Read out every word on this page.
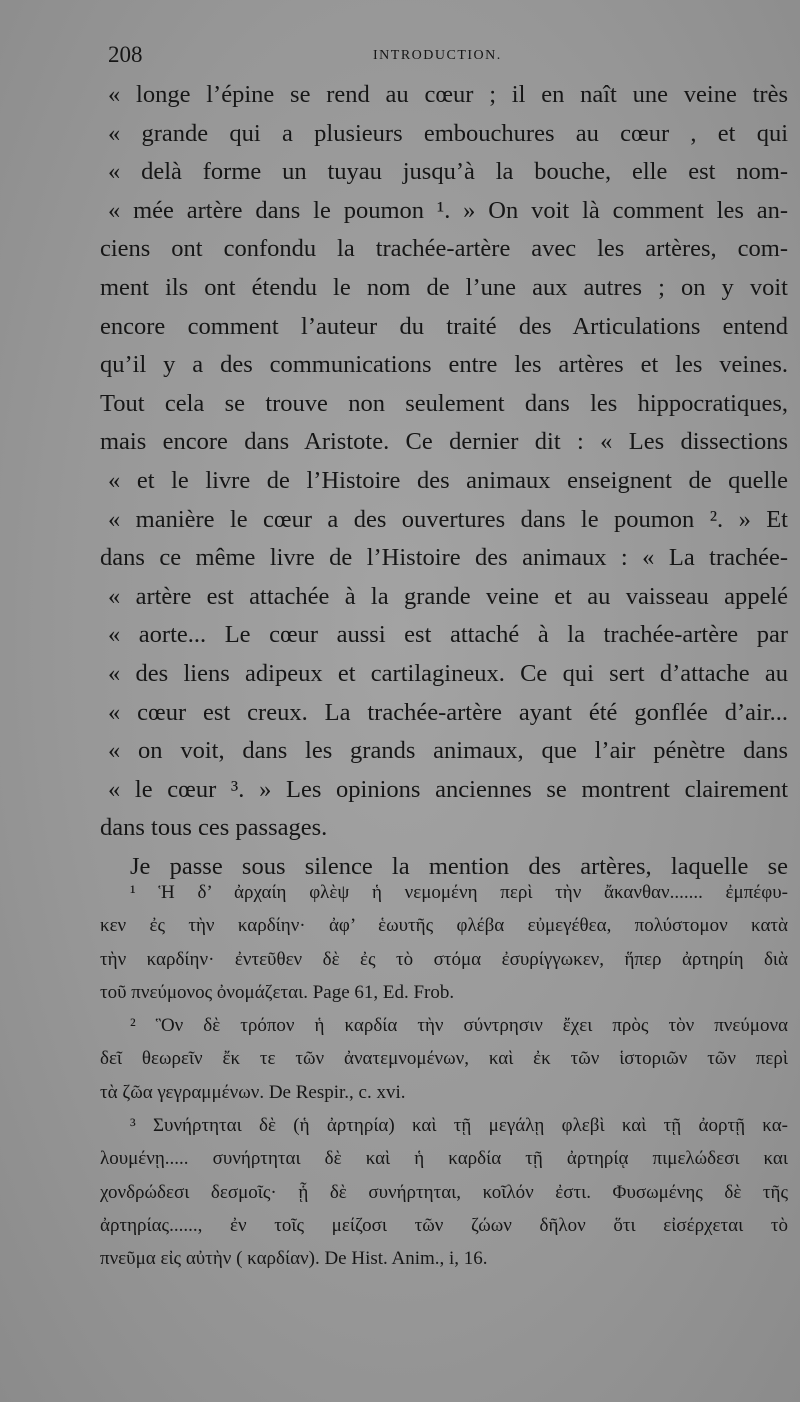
208	INTRODUCTION.
« longe l’épine se rend au cœur ; il en naît une veine très
« grande qui a plusieurs embouchures au cœur , et qui
« delà forme un tuyau jusqu’à la bouche, elle est nom-
« mée artère dans le poumon ¹. » On voit là comment les an-
ciens ont confondu la trachée-artère avec les artères, com-
ment ils ont étendu le nom de l’une aux autres ; on y voit
encore comment l’auteur du traité des Articulations entend
qu’il y a des communications entre les artères et les veines.
Tout cela se trouve non seulement dans les hippocratiques,
mais encore dans Aristote. Ce dernier dit : « Les dissections
« et le livre de l’Histoire des animaux enseignent de quelle
« manière le cœur a des ouvertures dans le poumon ². » Et
dans ce même livre de l’Histoire des animaux : « La trachée-
« artère est attachée à la grande veine et au vaisseau appelé
« aorte... Le cœur aussi est attaché à la trachée-artère par
« des liens adipeux et cartilagineux. Ce qui sert d’attache au
« cœur est creux. La trachée-artère ayant été gonflée d’air...
« on voit, dans les grands animaux, que l’air pénètre dans
« le cœur ³. » Les opinions anciennes se montrent clairement
dans tous ces passages.
Je passe sous silence la mention des artères, laquelle se
¹ Ἡ δ’ ἀρχαίη φλὲψ ἡ νεμομένη περὶ τὴν ἄκανθαν....... ἐμπέφυ-
κεν ἐς τὴν καρδίην· ἀφ’ ἑωυτῆς φλέβα εὐμεγέθεα, πολύστομον κατὰ
τὴν καρδίην· ἐντεῦθεν δὲ ἐς τὸ στόμα ἐσυρίγγωκεν, ἥπερ ἀρτηρίη διὰ
τοῦ πνεύμονος ὀνομάζεται. Page 61, Ed. Frob.
² Ὃν δὲ τρόπον ἡ καρδία τὴν σύντρησιν ἔχει πρὸς τὸν πνεύμονα
δεῖ θεωρεῖν ἔκ τε τῶν ἀνατεμνομένων, καὶ ἐκ τῶν ἱστοριῶν τῶν περὶ
τὰ ζῶα γεγραμμένων. De Respir., c. xvi.
³ Συνήρτηται δὲ (ἡ ἀρτηρία) καὶ τῇ μεγάλῃ φλεβὶ καὶ τῇ ἀορτῇ κα-
λουμένῃ..... συνήρτηται δὲ καὶ ἡ καρδία τῇ ἀρτηρίᾳ πιμελώδεσι και
χονδρώδεσι δεσμοῖς· ᾗ δὲ συνήρτηται, κοῖλόν ἐστι. Φυσωμένης δὲ τῆς
ἀρτηρίας......, ἐν τοῖς μείζοσι τῶν ζώων δῆλον ὅτι εἰσέρχεται τὸ
πνεῦμα εἰς αὐτὴν ( καρδίαν). De Hist. Anim., i, 16.
